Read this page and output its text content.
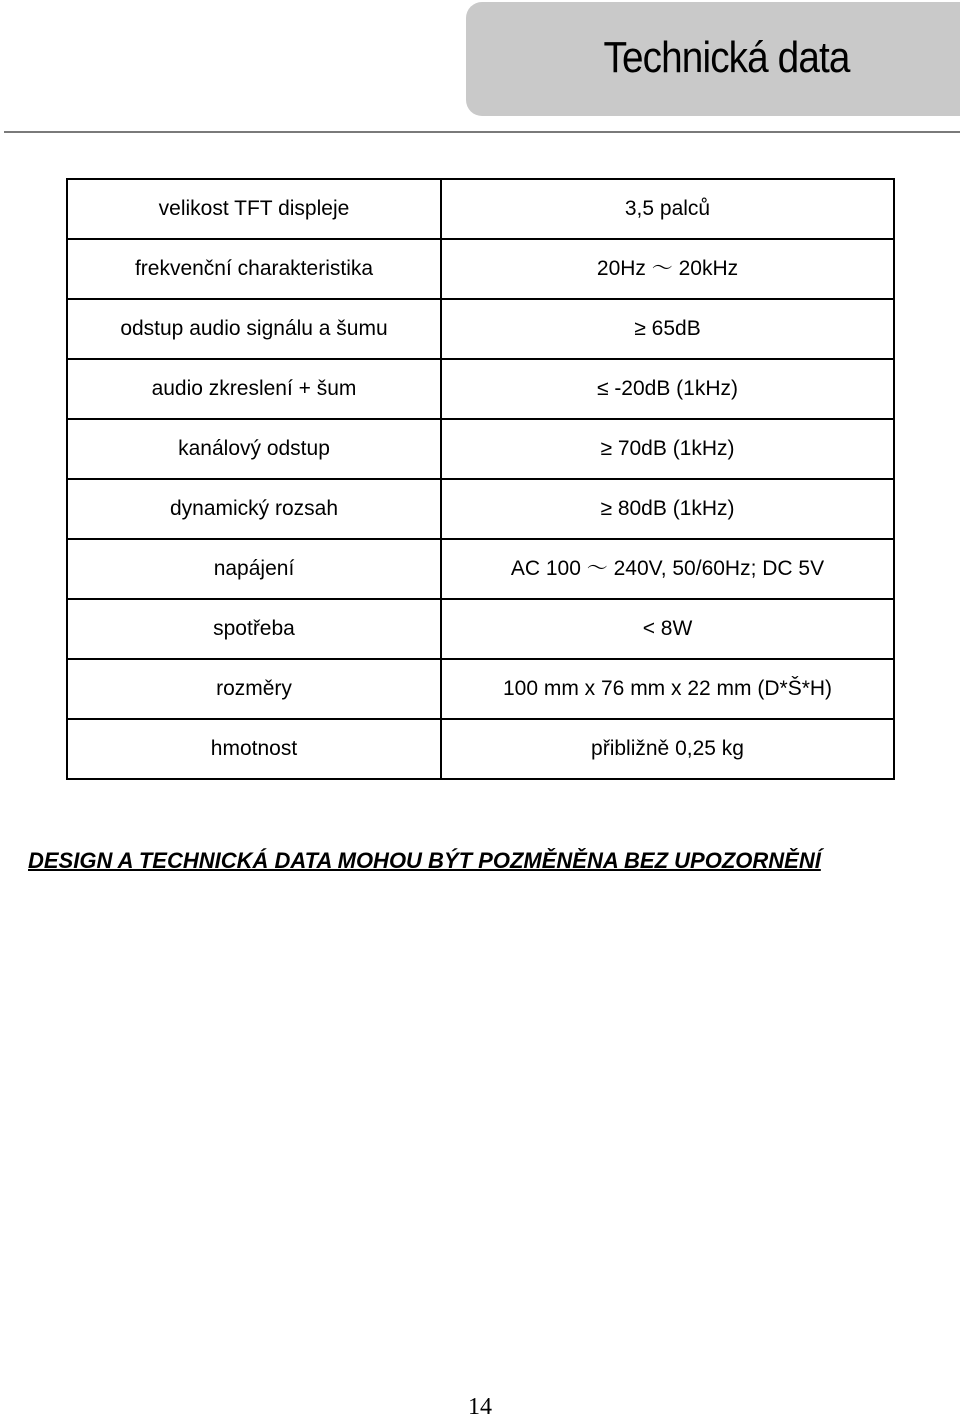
Technická data
velikost TFT displeje	3,5 palců
frekvenční charakteristika	20Hz ～ 20kHz
odstup audio signálu a šumu	≥ 65dB
audio zkreslení + šum	≤ -20dB (1kHz)
kanálový odstup	≥ 70dB (1kHz)
dynamický rozsah	≥ 80dB (1kHz)
napájení	AC 100 ～ 240V, 50/60Hz; DC 5V
spotřeba	< 8W
rozměry	100 mm x 76 mm x 22 mm (D*Š*H)
hmotnost	přibližně 0,25 kg
DESIGN A TECHNICKÁ DATA MOHOU BÝT POZMĚNĚNA BEZ UPOZORNĚNÍ
14
